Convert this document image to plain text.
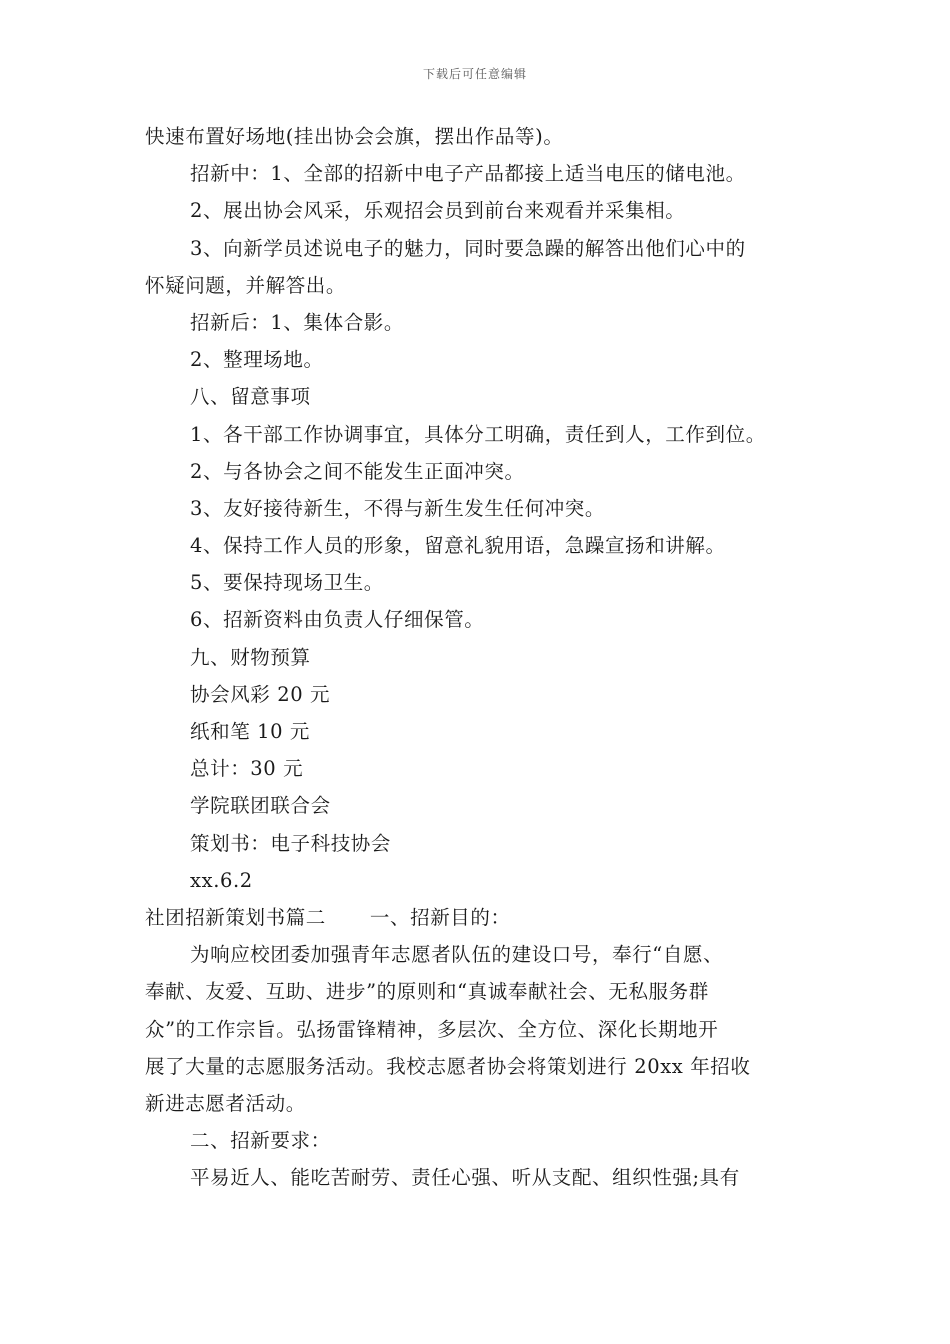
下载后可任意编辑
快速布置好场地(挂出协会会旗，摆出作品等)。
招新中：1、全部的招新中电子产品都接上适当电压的储电池。
2、展出协会风采，乐观招会员到前台来观看并采集相。
3、向新学员述说电子的魅力，同时要急躁的解答出他们心中的
怀疑问题，并解答出。
招新后：1、集体合影。
2、整理场地。
八、留意事项
1、各干部工作协调事宜，具体分工明确，责任到人，工作到位。
2、与各协会之间不能发生正面冲突。
3、友好接待新生，不得与新生发生任何冲突。
4、保持工作人员的形象，留意礼貌用语，急躁宣扬和讲解。
5、要保持现场卫生。
6、招新资料由负责人仔细保管。
九、财物预算
协会风彩 20 元
纸和笔 10 元
总计：30 元
学院联团联合会
策划书：电子科技协会
xx.6.2
社团招新策划书篇二 一、招新目的：
为响应校团委加强青年志愿者队伍的建设口号，奉行“自愿、
奉献、友爱、互助、进步”的原则和“真诚奉献社会、无私服务群
众”的工作宗旨。弘扬雷锋精神，多层次、全方位、深化长期地开
展了大量的志愿服务活动。我校志愿者协会将策划进行 20xx 年招收
新进志愿者活动。
二、招新要求：
平易近人、能吃苦耐劳、责任心强、听从支配、组织性强;具有
